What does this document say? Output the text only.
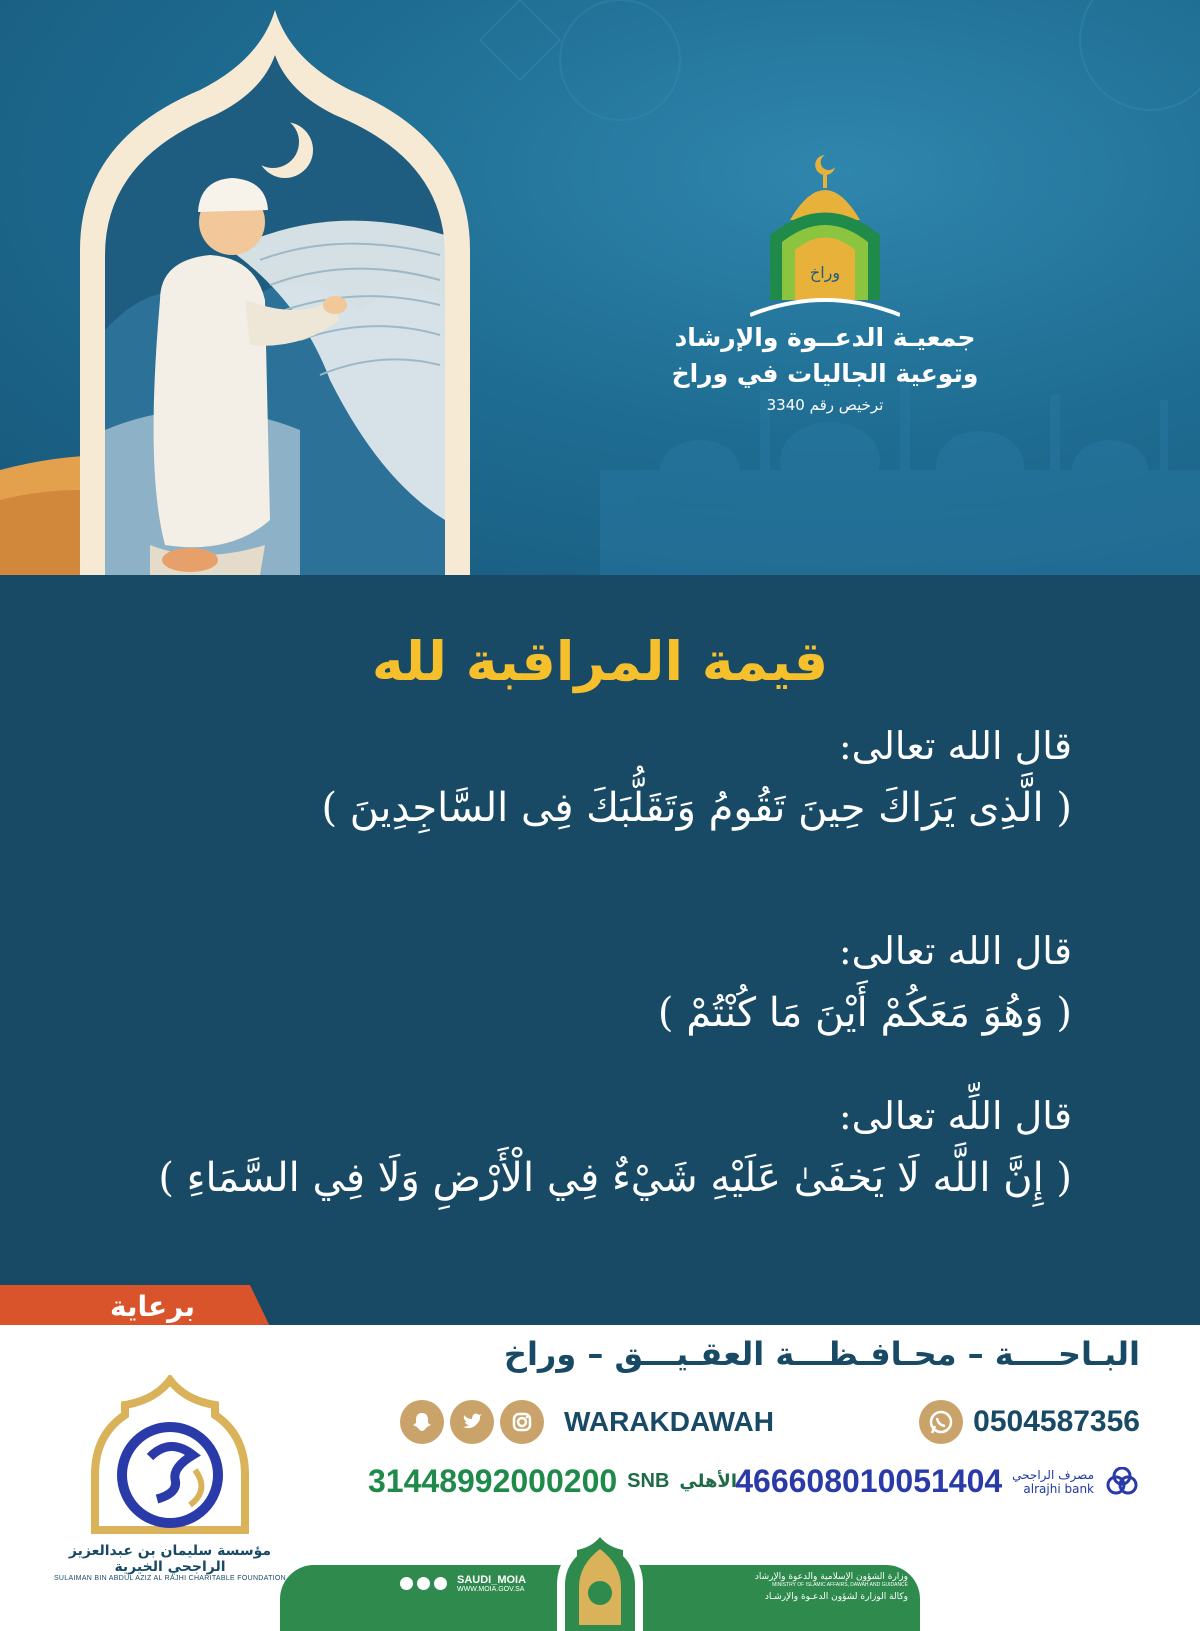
وراخ
جمعيـة الدعــوة والإرشاد
وتوعية الجاليات في وراخ
ترخيص رقم 3340
قيمة المراقبة لله
قال الله تعالى:
( الَّذِى يَرَاكَ حِينَ تَقُومُ وَتَقَلُّبَكَ فِى السَّاجِدِينَ )
قال الله تعالى:
( وَهُوَ مَعَكُمْ أَيْنَ مَا كُنْتُمْ )
قال اللِّه تعالى:
( إِنَّ اللَّه لَا يَخفَىٰ عَلَيْهِ شَيْءٌ فِي الْأَرْضِ وَلَا فِي السَّمَاءِ )
برعاية
البـاحــــة – محـافـظـــة العقـيـــق – وراخ
0504587356
WARAKDAWAH
466608010051404 مصرف الراجحي
alrajhi bank
31448992000200 SNB الأهلي
مؤسسة سليمان بن عبدالعزيز الراجحي الخيرية
SULAIMAN BIN ABDUL AZIZ AL RAJHI CHARITABLE FOUNDATION	SAUDI_MOIA
WWW.MOIA.GOV.SA
وزارة الشؤون الإسلامية والدعوة والإرشاد
MINISTRY OF ISLAMIC AFFAIRS, DAWAH AND GUIDANCE
وكالة الوزارة لشؤون الدعـوة والإرشـاد
